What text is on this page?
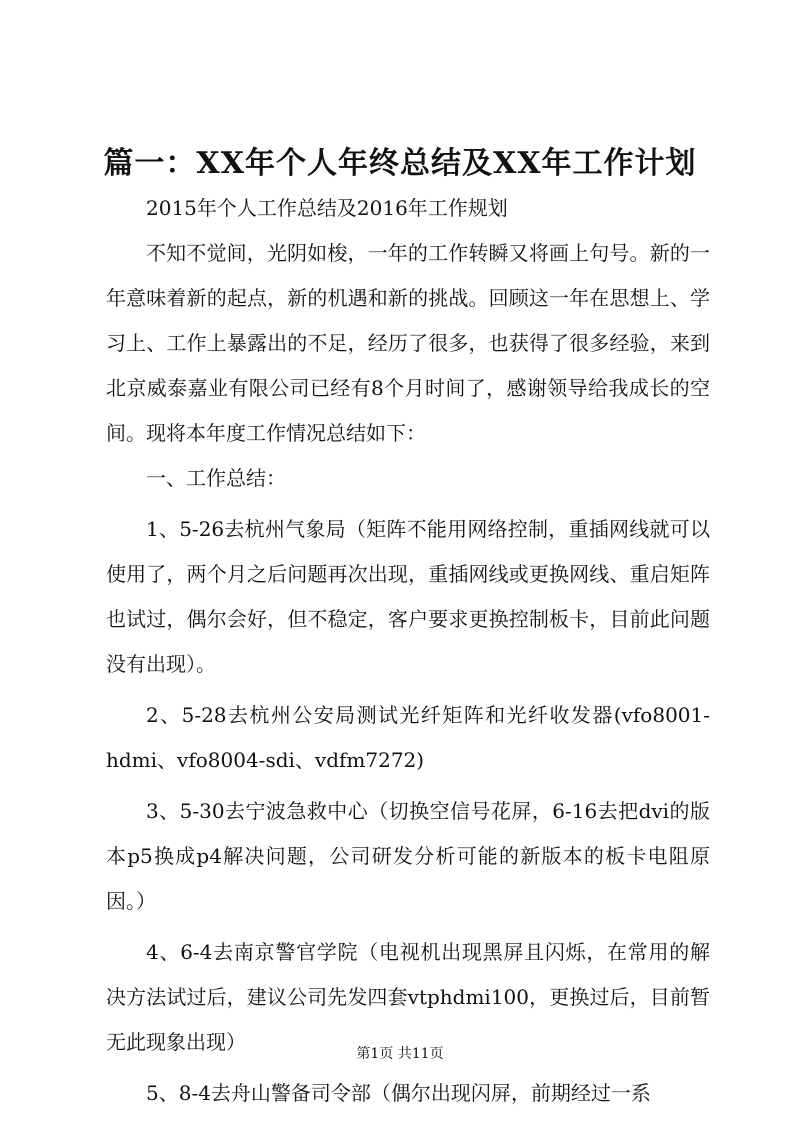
篇一：XX年个人年终总结及XX年工作计划

2015年个人工作总结及2016年工作规划

不知不觉间，光阴如梭，一年的工作转瞬又将画上句号。新的一年意味着新的起点，新的机遇和新的挑战。回顾这一年在思想上、学习上、工作上暴露出的不足，经历了很多，也获得了很多经验，来到北京威泰嘉业有限公司已经有8个月时间了，感谢领导给我成长的空间。现将本年度工作情况总结如下：

一、工作总结：

1、5-26去杭州气象局（矩阵不能用网络控制，重插网线就可以使用了，两个月之后问题再次出现，重插网线或更换网线、重启矩阵也试过，偶尔会好，但不稳定，客户要求更换控制板卡，目前此问题没有出现）。

2、5-28去杭州公安局测试光纤矩阵和光纤收发器(vfo8001-hdmi、vfo8004-sdi、vdfm7272)

3、5-30去宁波急救中心（切换空信号花屏，6-16去把dvi的版本p5换成p4解决问题，公司研发分析可能的新版本的板卡电阻原因。）

4、6-4去南京警官学院（电视机出现黑屏且闪烁，在常用的解决方法试过后，建议公司先发四套vtphdmi100，更换过后，目前暂无此现象出现）

5、8-4去舟山警备司令部（偶尔出现闪屏，前期经过一系

第1页 共11页
